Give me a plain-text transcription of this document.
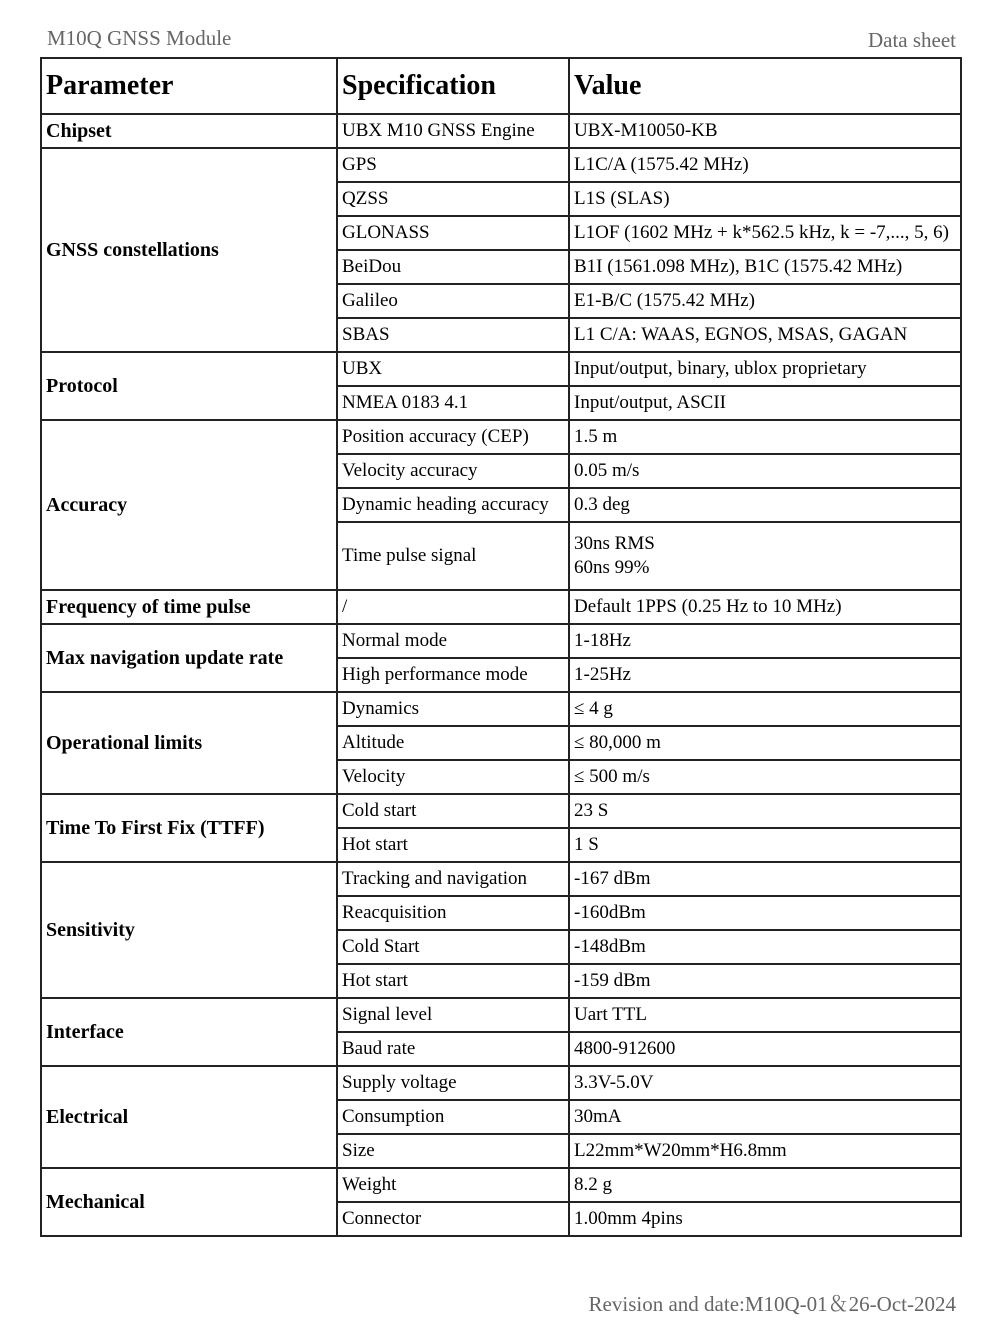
M10Q GNSS Module	Data sheet
Parameter	Specification	Value
Chipset	UBX M10 GNSS Engine	UBX-M10050-KB
GNSS constellations	GPS	L1C/A (1575.42 MHz)
	QZSS	L1S (SLAS)
	GLONASS	L1OF (1602 MHz + k*562.5 kHz, k = -7,..., 5, 6)

	BeiDou	B1I (1561.098 MHz), B1C (1575.42 MHz)
	Galileo	E1-B/C (1575.42 MHz)
	SBAS	L1 C/A: WAAS, EGNOS, MSAS, GAGAN
Protocol	UBX	Input/output, binary, ublox proprietary
	NMEA 0183 4.1	Input/output, ASCII
Accuracy	Position accuracy (CEP)	1.5 m
	Velocity accuracy	0.05 m/s
	Dynamic heading accuracy	0.3 deg
	Time pulse signal	30ns RMS
60ns 99%

Frequency of time pulse	/	Default 1PPS (0.25 Hz to 10 MHz)
Max navigation update rate	Normal mode	1-18Hz
	High performance mode	1-25Hz
Operational limits	Dynamics	≤ 4 g
	Altitude	≤ 80,000 m
	Velocity	≤ 500 m/s
Time To First Fix (TTFF)	Cold start	23 S
	Hot start	1 S
Sensitivity	Tracking and navigation	-167 dBm
	Reacquisition	-160dBm
	Cold Start	-148dBm
	Hot start	-159 dBm
Interface	Signal level	Uart TTL
	Baud rate	4800-912600
Electrical	Supply voltage	3.3V-5.0V
	Consumption	30mA
	Size	L22mm*W20mm*H6.8mm
Mechanical	Weight	8.2 g
	Connector	1.00mm 4pins
Revision and date:M10Q-01＆26-Oct-2024
